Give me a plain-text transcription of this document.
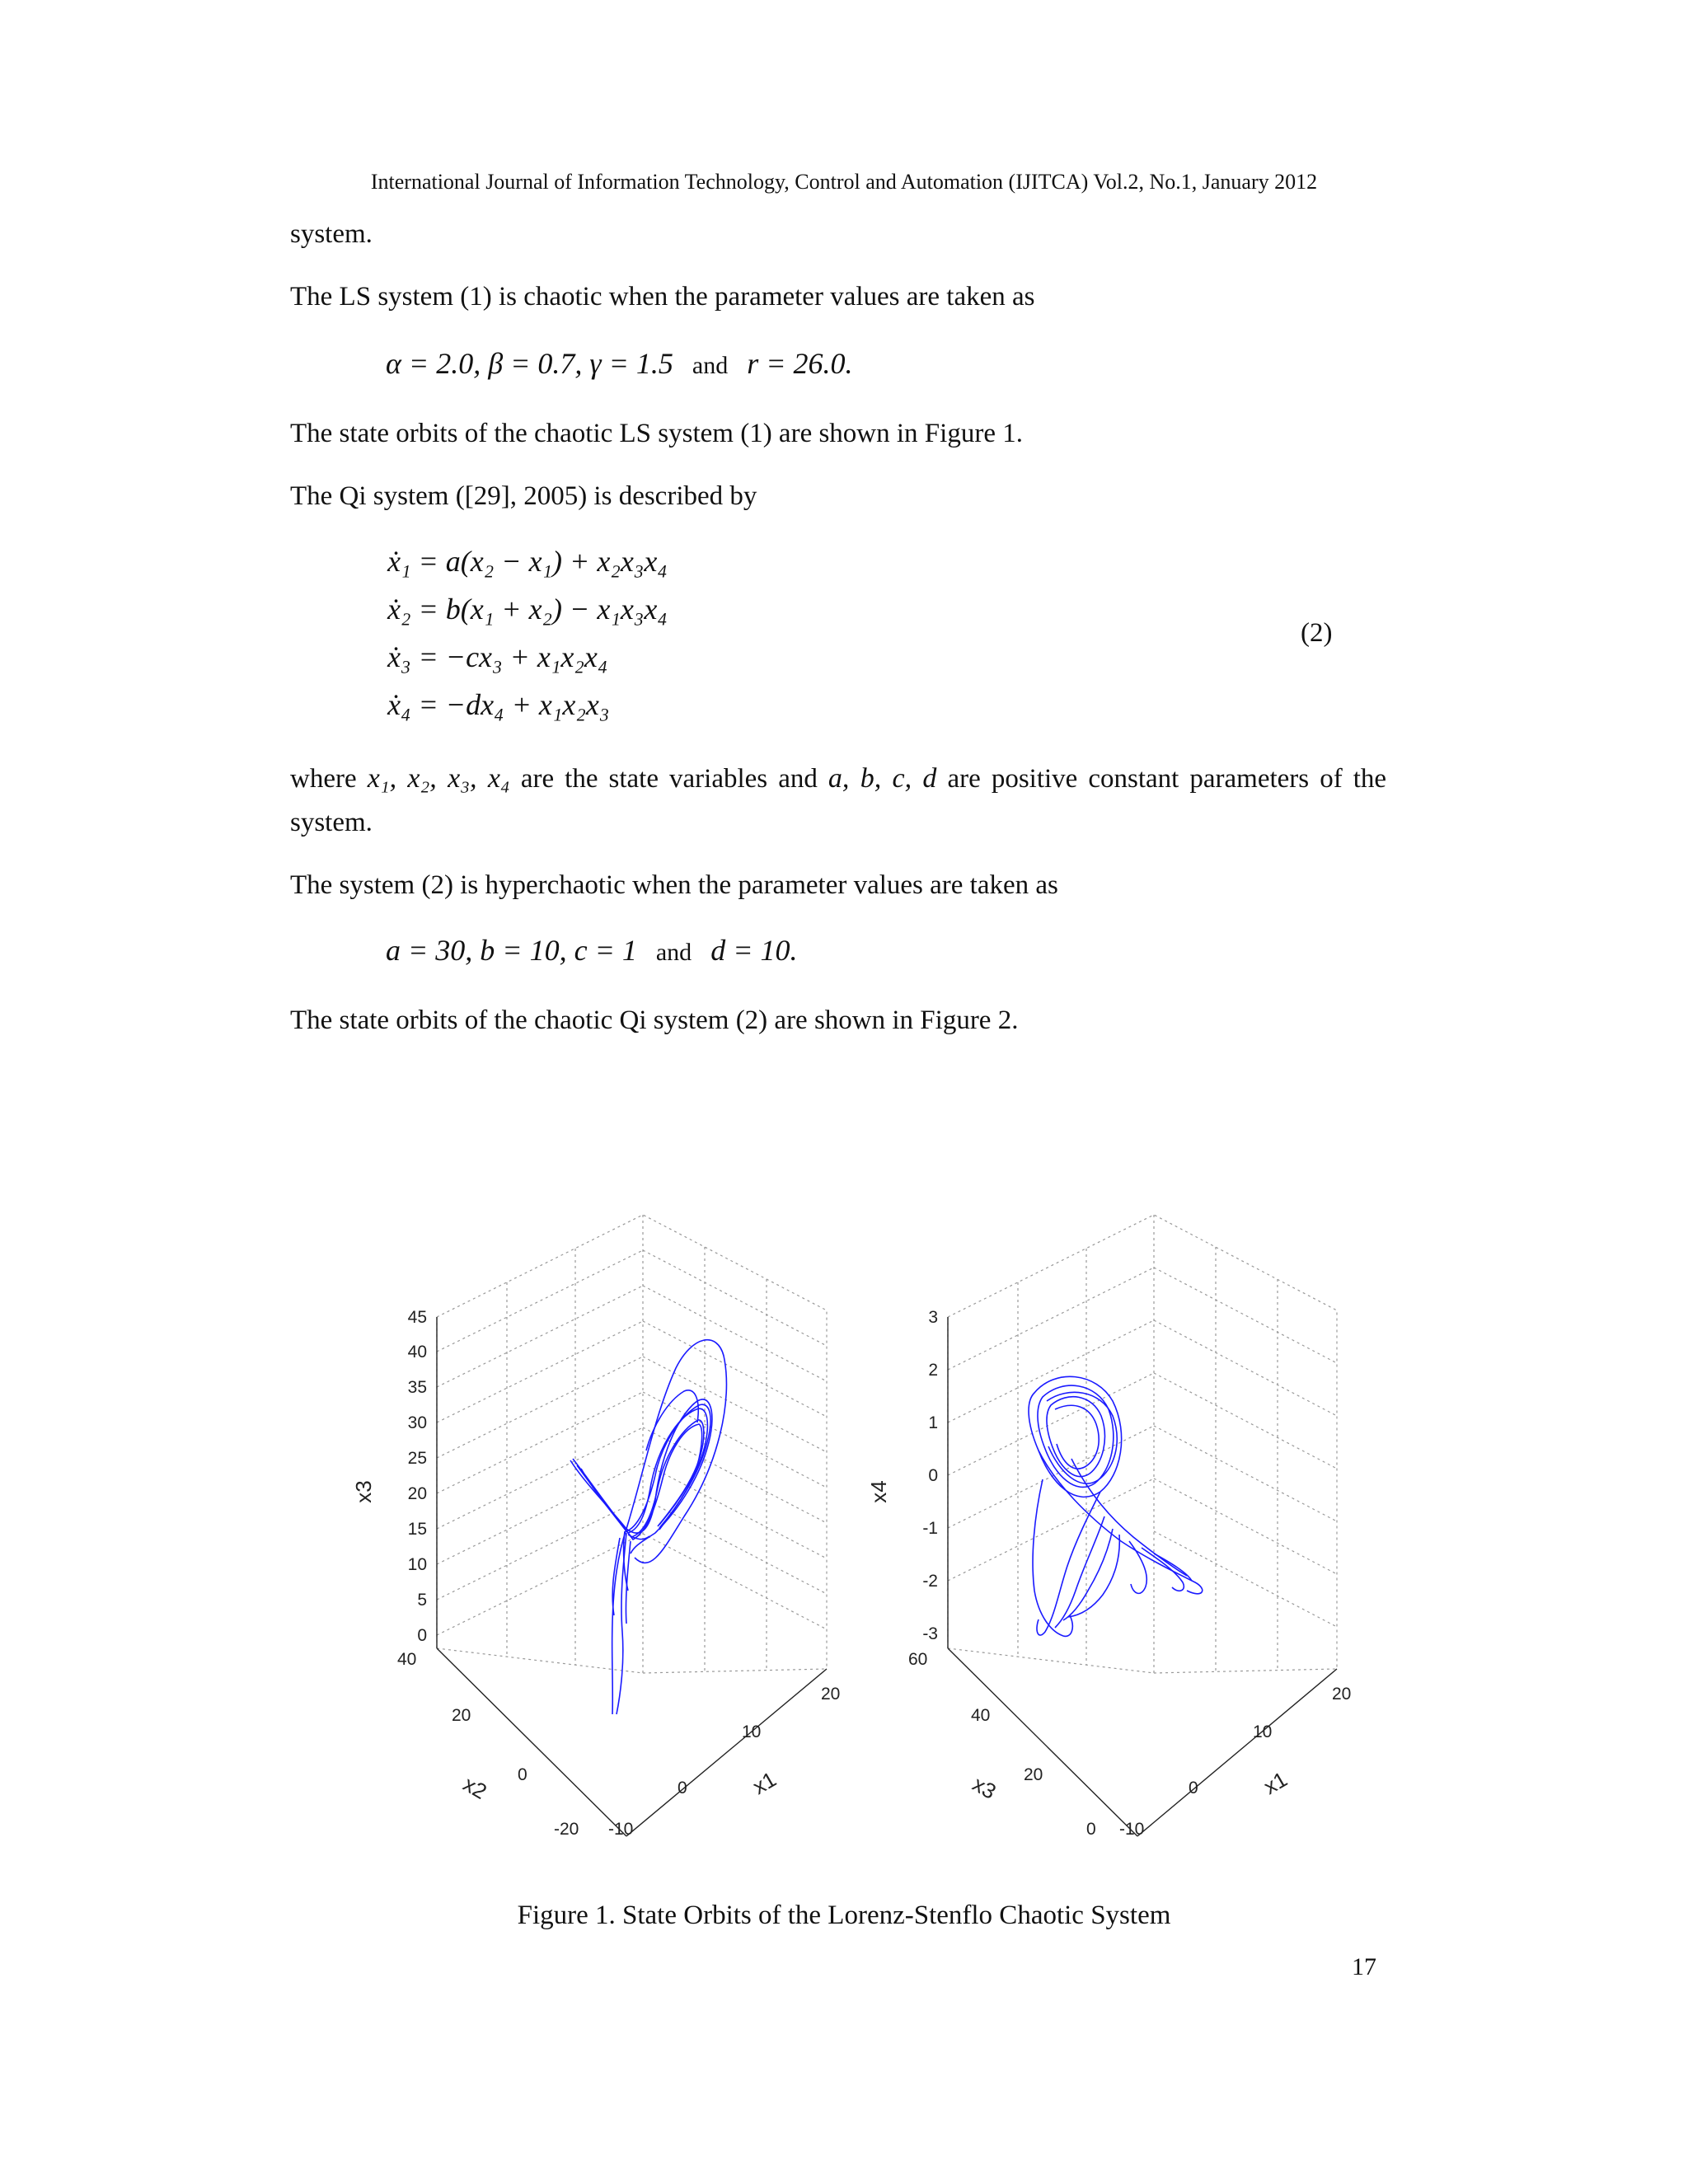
International Journal of Information Technology, Control and Automation (IJITCA) Vol.2, No.1, January 2012
system.
The LS system (1) is chaotic when the parameter values are taken as
α = 2.0, β = 0.7, γ = 1.5 and r = 26.0.
The state orbits of the chaotic LS system (1) are shown in Figure 1.
The Qi system ([29], 2005) is described by
ẋ₁ = a(x₂ − x₁) + x₂x₃x₄
ẋ₂ = b(x₁ + x₂) − x₁x₃x₄
ẋ₃ = −cx₃ + x₁x₂x₄
ẋ₄ = −dx₄ + x₁x₂x₃
(2)
where x₁, x₂, x₃, x₄ are the state variables and a, b, c, d are positive constant parameters of the
system.
The system (2) is hyperchaotic when the parameter values are taken as
a = 30, b = 10, c = 1 and d = 10.
The state orbits of the chaotic Qi system (2) are shown in Figure 2.
45
40
35
30
25
20
15
10
5
0
40
20
0
-20 -10
0
10
20
x3
x2	x1
3
2
1
0
-1
-2
-3
60
40
20
0 -10
0
10
20
x4
x3	x1
Figure 1. State Orbits of the Lorenz-Stenflo Chaotic System
17
